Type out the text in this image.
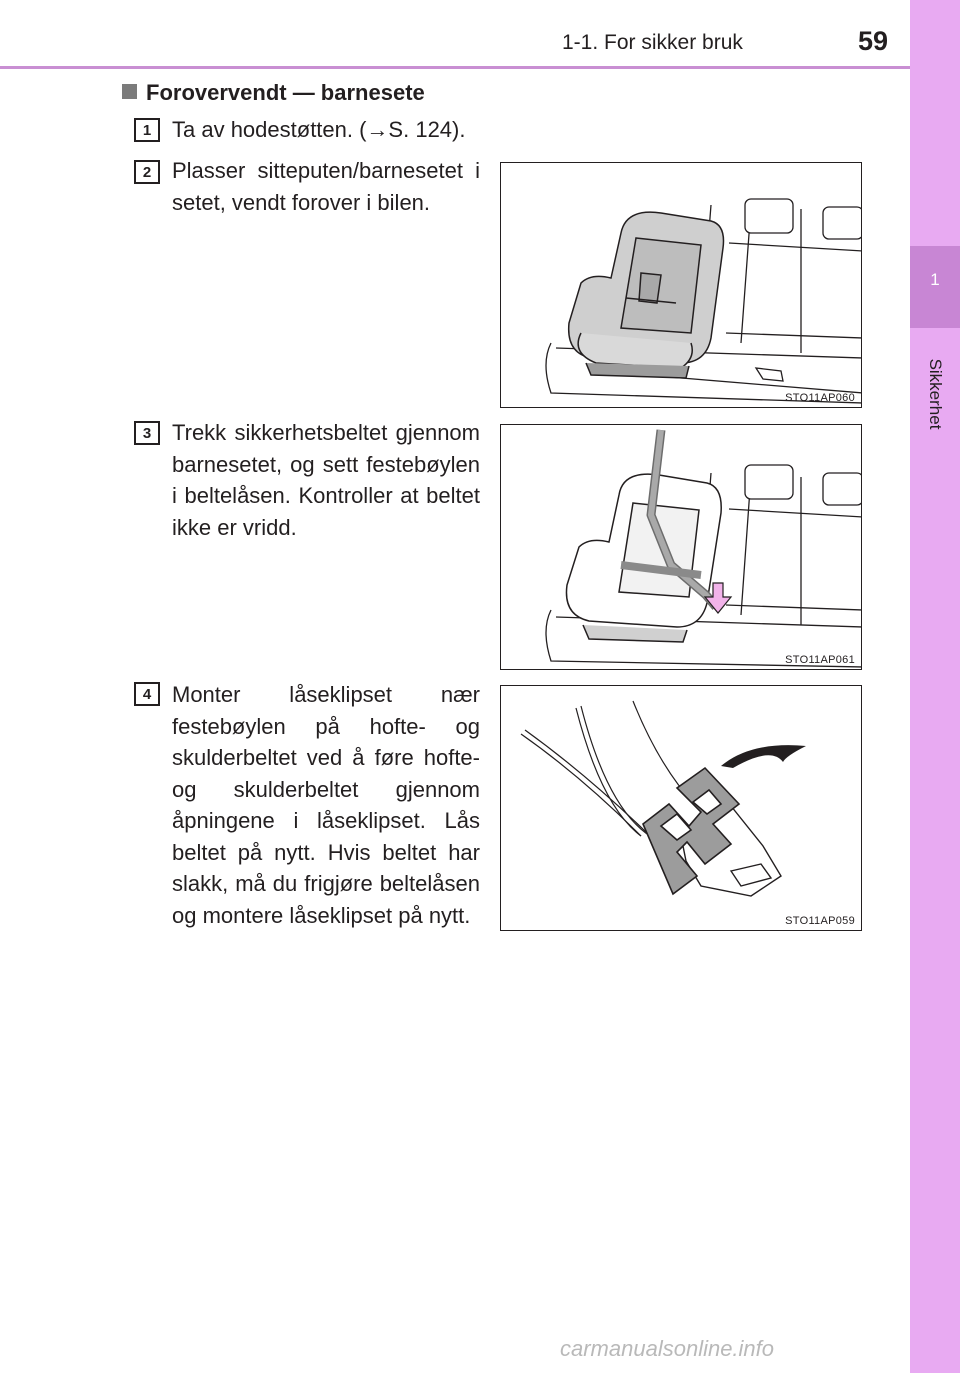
1-1. For sikker bruk	59
1
Sikkerhet
Forovervendt — barnesete
1 Ta av hodestøtten. (→S. 124).
2 Plasser sitteputen/barnesetet i setet, vendt forover i bilen.
3 Trekk sikkerhetsbeltet gjennom barnesetet, og sett festebøylen i beltelåsen. Kontroller at beltet ikke er vridd.
4 Monter låseklipset nær festebøylen på hofte- og skulderbeltet ved å føre hofte- og skulderbeltet gjennom åpningene i låseklipset. Lås beltet på nytt. Hvis beltet har slakk, må du frigjøre beltelåsen og montere låseklipset på nytt.
STO11AP060
STO11AP061
STO11AP059
carmanualsonline.info
